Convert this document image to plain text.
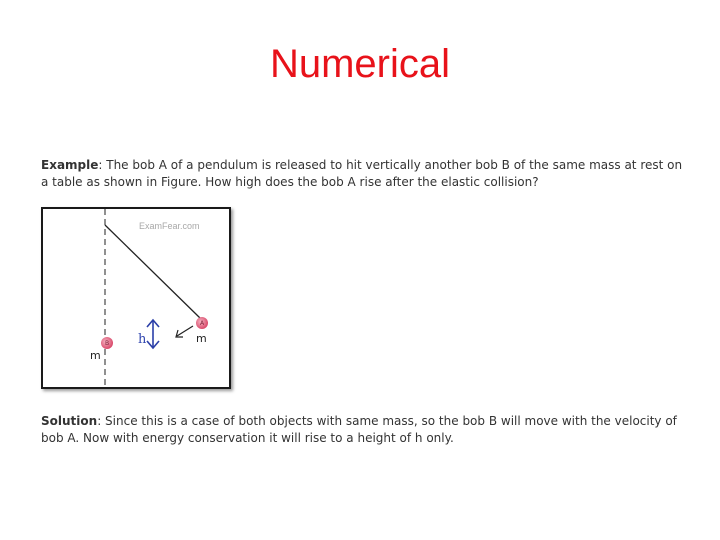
Numerical
Example: The bob A of a pendulum is released to hit vertically another bob B of the same mass at rest on a table as shown in Figure. How high does the bob A rise after the elastic collision?
ExamFear.com
A
B h	m
m
Solution: Since this is a case of both objects with same mass, so the bob B will move with the velocity of bob A. Now with energy conservation it will rise to a height of h only.
